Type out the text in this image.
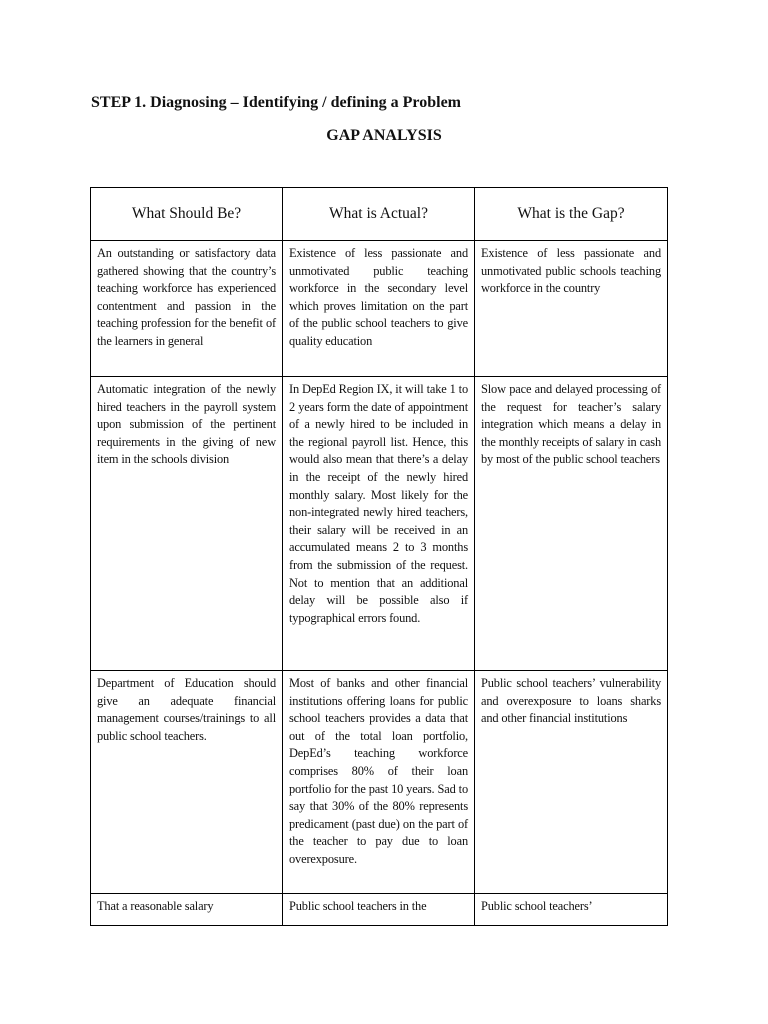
STEP 1. Diagnosing – Identifying / defining a Problem
GAP ANALYSIS
What Should Be?	What is Actual?	What is the Gap?
An outstanding or satisfactory data gathered showing that the country’s teaching workforce has experienced contentment and passion in the teaching profession for the benefit of the learners in general	Existence of less passionate and unmotivated public teaching workforce in the secondary level which proves limitation on the part of the public school teachers to give quality education	Existence of less passionate and unmotivated public schools teaching workforce in the country
Automatic integration of the newly hired teachers in the payroll system upon submission of the pertinent requirements in the giving of new item in the schools division	In DepEd Region IX, it will take 1 to 2 years form the date of appointment of a newly hired to be included in the regional payroll list. Hence, this would also mean that there’s a delay in the receipt of the newly hired monthly salary. Most likely for the non-integrated newly hired teachers, their salary will be received in an accumulated means 2 to 3 months from the submission of the request. Not to mention that an additional delay will be possible also if typographical errors found.	Slow pace and delayed processing of the request for teacher’s salary integration which means a delay in the monthly receipts of salary in cash by most of the public school teachers
Department of Education should give an adequate financial management courses/trainings to all public school teachers.	Most of banks and other financial institutions offering loans for public school teachers provides a data that out of the total loan portfolio, DepEd’s teaching workforce comprises 80% of their loan portfolio for the past 10 years. Sad to say that 30% of the 80% represents predicament (past due) on the part of the teacher to pay due to loan overexposure.	Public school teachers’ vulnerability and overexposure to loans sharks and other financial institutions

That a reasonable salary	Public school teachers in the	Public school teachers’
